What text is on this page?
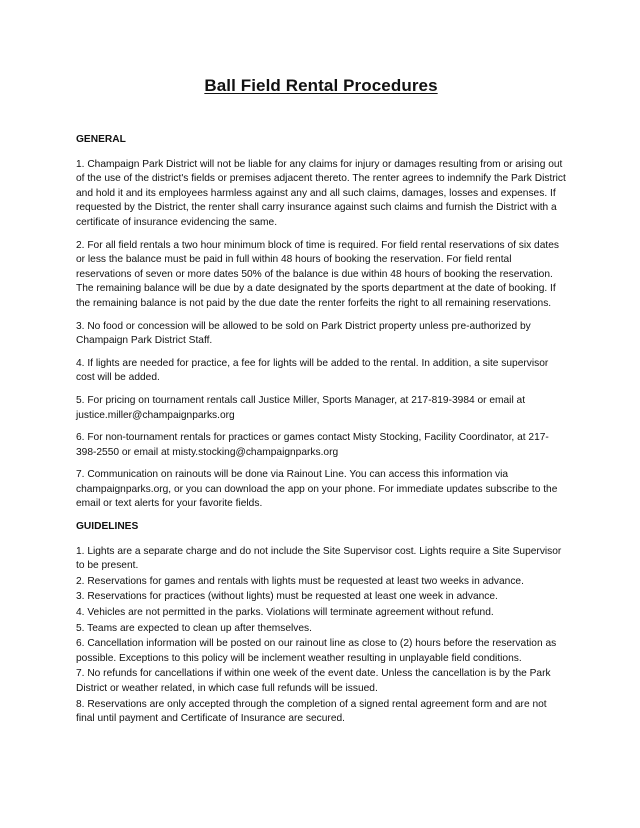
Ball Field Rental Procedures
GENERAL

1. Champaign Park District will not be liable for any claims for injury or damages resulting from or arising out of the use of the district's fields or premises adjacent thereto. The renter agrees to indemnify the Park District and hold it and its employees harmless against any and all such claims, damages, losses and expenses. If requested by the District, the renter shall carry insurance against such claims and furnish the District with a certificate of insurance evidencing the same.

2. For all field rentals a two hour minimum block of time is required. For field rental reservations of six dates or less the balance must be paid in full within 48 hours of booking the reservation. For field rental reservations of seven or more dates 50% of the balance is due within 48 hours of booking the reservation. The remaining balance will be due by a date designated by the sports department at the date of booking. If the remaining balance is not paid by the due date the renter forfeits the right to all remaining reservations.

3. No food or concession will be allowed to be sold on Park District property unless pre-authorized by Champaign Park District Staff.

4. If lights are needed for practice, a fee for lights will be added to the rental. In addition, a site supervisor cost will be added.

5. For pricing on tournament rentals call Justice Miller, Sports Manager, at 217-819-3984 or email at justice.miller@champaignparks.org

6. For non-tournament rentals for practices or games contact Misty Stocking, Facility Coordinator, at 217-398-2550 or email at misty.stocking@champaignparks.org

7. Communication on rainouts will be done via Rainout Line. You can access this information via champaignparks.org, or you can download the app on your phone. For immediate updates subscribe to the email or text alerts for your favorite fields.

GUIDELINES
1. Lights are a separate charge and do not include the Site Supervisor cost. Lights require a Site Supervisor to be present.
2. Reservations for games and rentals with lights must be requested at least two weeks in advance.
3. Reservations for practices (without lights) must be requested at least one week in advance.
4. Vehicles are not permitted in the parks. Violations will terminate agreement without refund.
5. Teams are expected to clean up after themselves.
6. Cancellation information will be posted on our rainout line as close to (2) hours before the reservation as possible. Exceptions to this policy will be inclement weather resulting in unplayable field conditions.
7. No refunds for cancellations if within one week of the event date. Unless the cancellation is by the Park District or weather related, in which case full refunds will be issued.
8. Reservations are only accepted through the completion of a signed rental agreement form and are not final until payment and Certificate of Insurance are secured.
